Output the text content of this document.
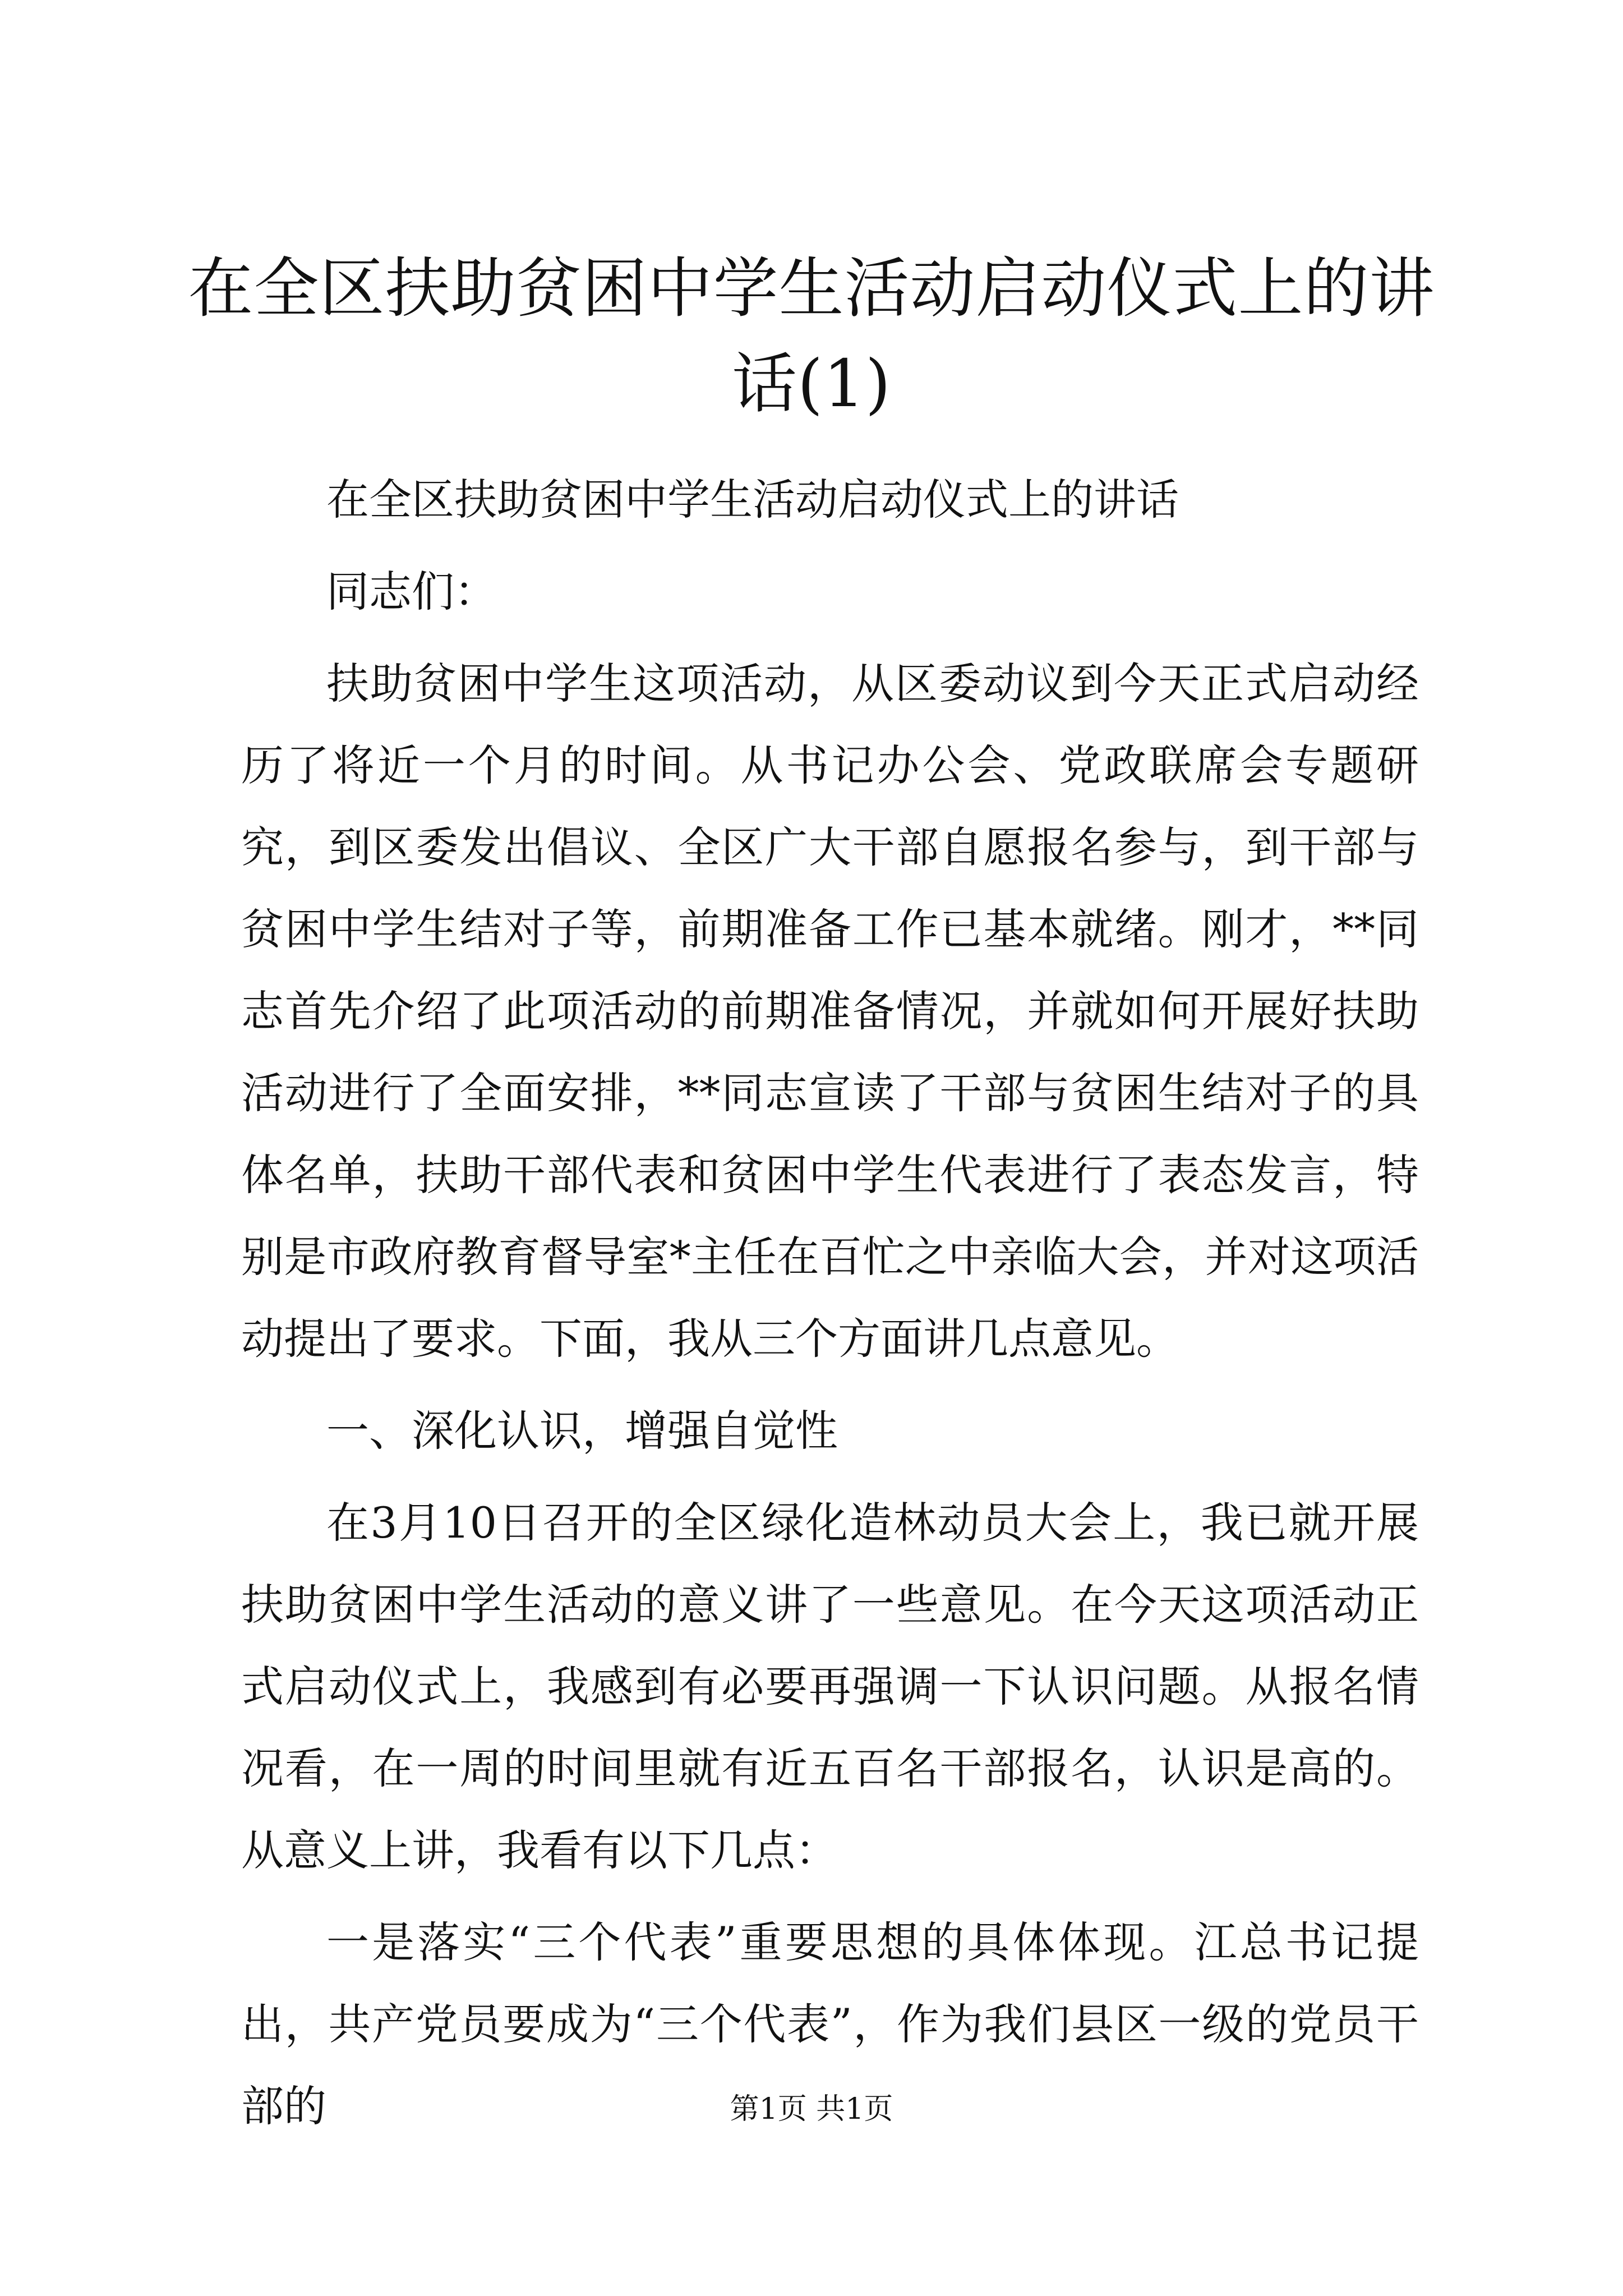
在全区扶助贫困中学生活动启动仪式上的讲话(1)

在全区扶助贫困中学生活动启动仪式上的讲话

同志们：

扶助贫困中学生这项活动，从区委动议到今天正式启动经历了将近一个月的时间。从书记办公会、党政联席会专题研究，到区委发出倡议、全区广大干部自愿报名参与，到干部与贫困中学生结对子等，前期准备工作已基本就绪。刚才，**同志首先介绍了此项活动的前期准备情况，并就如何开展好扶助活动进行了全面安排，**同志宣读了干部与贫困生结对子的具体名单，扶助干部代表和贫困中学生代表进行了表态发言，特别是市政府教育督导室*主任在百忙之中亲临大会，并对这项活动提出了要求。下面，我从三个方面讲几点意见。

一、深化认识，增强自觉性

在3月10日召开的全区绿化造林动员大会上，我已就开展扶助贫困中学生活动的意义讲了一些意见。在今天这项活动正式启动仪式上，我感到有必要再强调一下认识问题。从报名情况看，在一周的时间里就有近五百名干部报名，认识是高的。从意义上讲，我看有以下几点：

一是落实“三个代表”重要思想的具体体现。江总书记提出，共产党员要成为“三个代表”，作为我们县区一级的党员干部的	第1页 共1页
